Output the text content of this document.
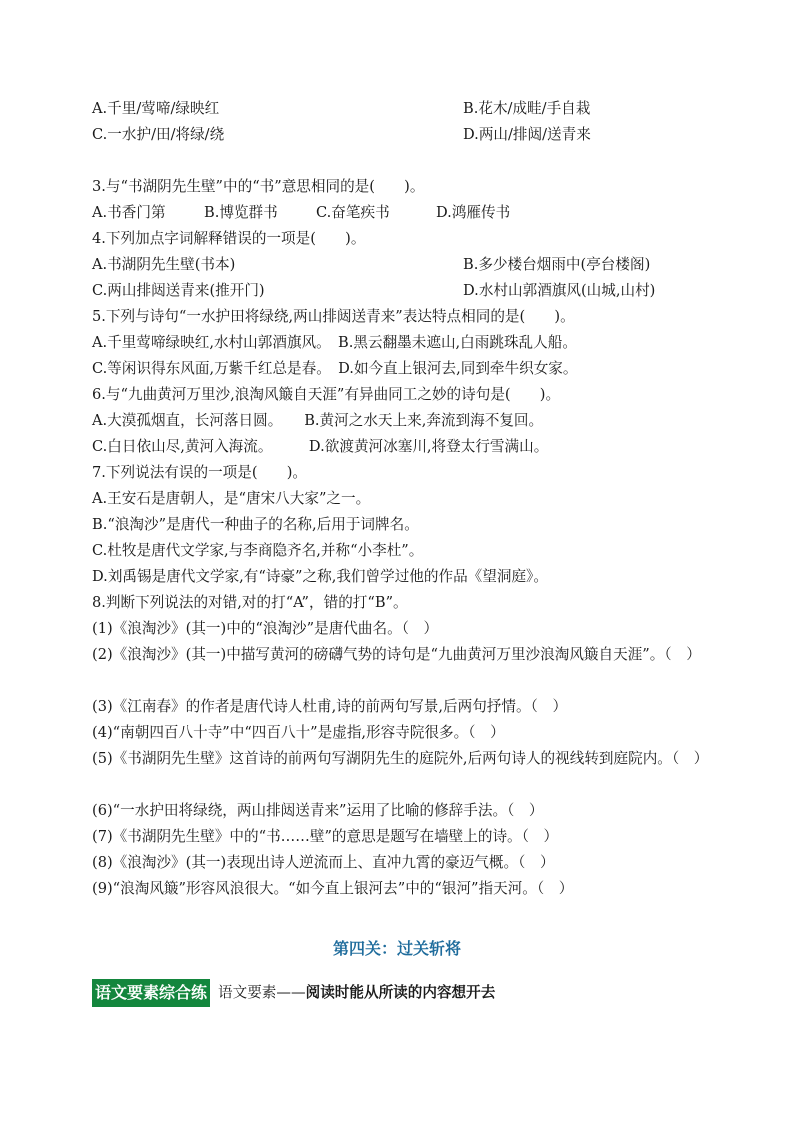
A.千里/莺啼/绿映红	B.花木/成畦/手自栽
C.一水护/田/将绿/绕	D.两山/排闼/送青来
3.与“书湖阴先生壁”中的“书”意思相同的是(　　)。
A.书香门第	B.博览群书	C.奋笔疾书	D.鸿雁传书
4.下列加点字词解释错误的一项是(　　)。
A.书湖阴先生壁(书本)	B.多少楼台烟雨中(亭台楼阁)
C.两山排闼送青来(推开门)	D.水村山郭酒旗风(山城,山村)
5.下列与诗句“一水护田将绿绕,两山排闼送青来”表达特点相同的是(　　)。
A.千里莺啼绿映红,水村山郭酒旗风。　B.黑云翻墨未遮山,白雨跳珠乱人船。
C.等闲识得东风面,万紫千红总是春。　D.如今直上银河去,同到牵牛织女家。
6.与“九曲黄河万里沙,浪淘风簸自天涯”有异曲同工之妙的诗句是(　　)。
A.大漠孤烟直，长河落日圆。　　B.黄河之水天上来,奔流到海不复回。
C.白日依山尽,黄河入海流。　　　D.欲渡黄河冰塞川,将登太行雪满山。
7.下列说法有误的一项是(　　)。
A.王安石是唐朝人，是“唐宋八大家”之一。
B.“浪淘沙”是唐代一种曲子的名称,后用于词牌名。
C.杜牧是唐代文学家,与李商隐齐名,并称“小李杜”。
D.刘禹锡是唐代文学家,有“诗豪”之称,我们曾学过他的作品《望洞庭》。
8.判断下列说法的对错,对的打“A”，错的打“B”。
(1)《浪淘沙》(其一)中的“浪淘沙”是唐代曲名。（　）
(2)《浪淘沙》(其一)中描写黄河的磅礴气势的诗句是“九曲黄河万里沙浪淘风簸自天涯”。（　）
(3)《江南春》的作者是唐代诗人杜甫,诗的前两句写景,后两句抒情。（　）
(4)“南朝四百八十寺”中“四百八十”是虚指,形容寺院很多。（　）
(5)《书湖阴先生壁》这首诗的前两句写湖阴先生的庭院外,后两句诗人的视线转到庭院内。（　）
(6)“一水护田将绿绕，两山排闼送青来”运用了比喻的修辞手法。（　）
(7)《书湖阴先生壁》中的“书……壁”的意思是题写在墙壁上的诗。（　）
(8)《浪淘沙》(其一)表现出诗人逆流而上、直冲九霄的豪迈气概。（　）
(9)“浪淘风簸”形容风浪很大。“如今直上银河去”中的“银河”指天河。（　）
第四关：过关斩将
语文要素综合练 语文要素——阅读时能从所读的内容想开去
